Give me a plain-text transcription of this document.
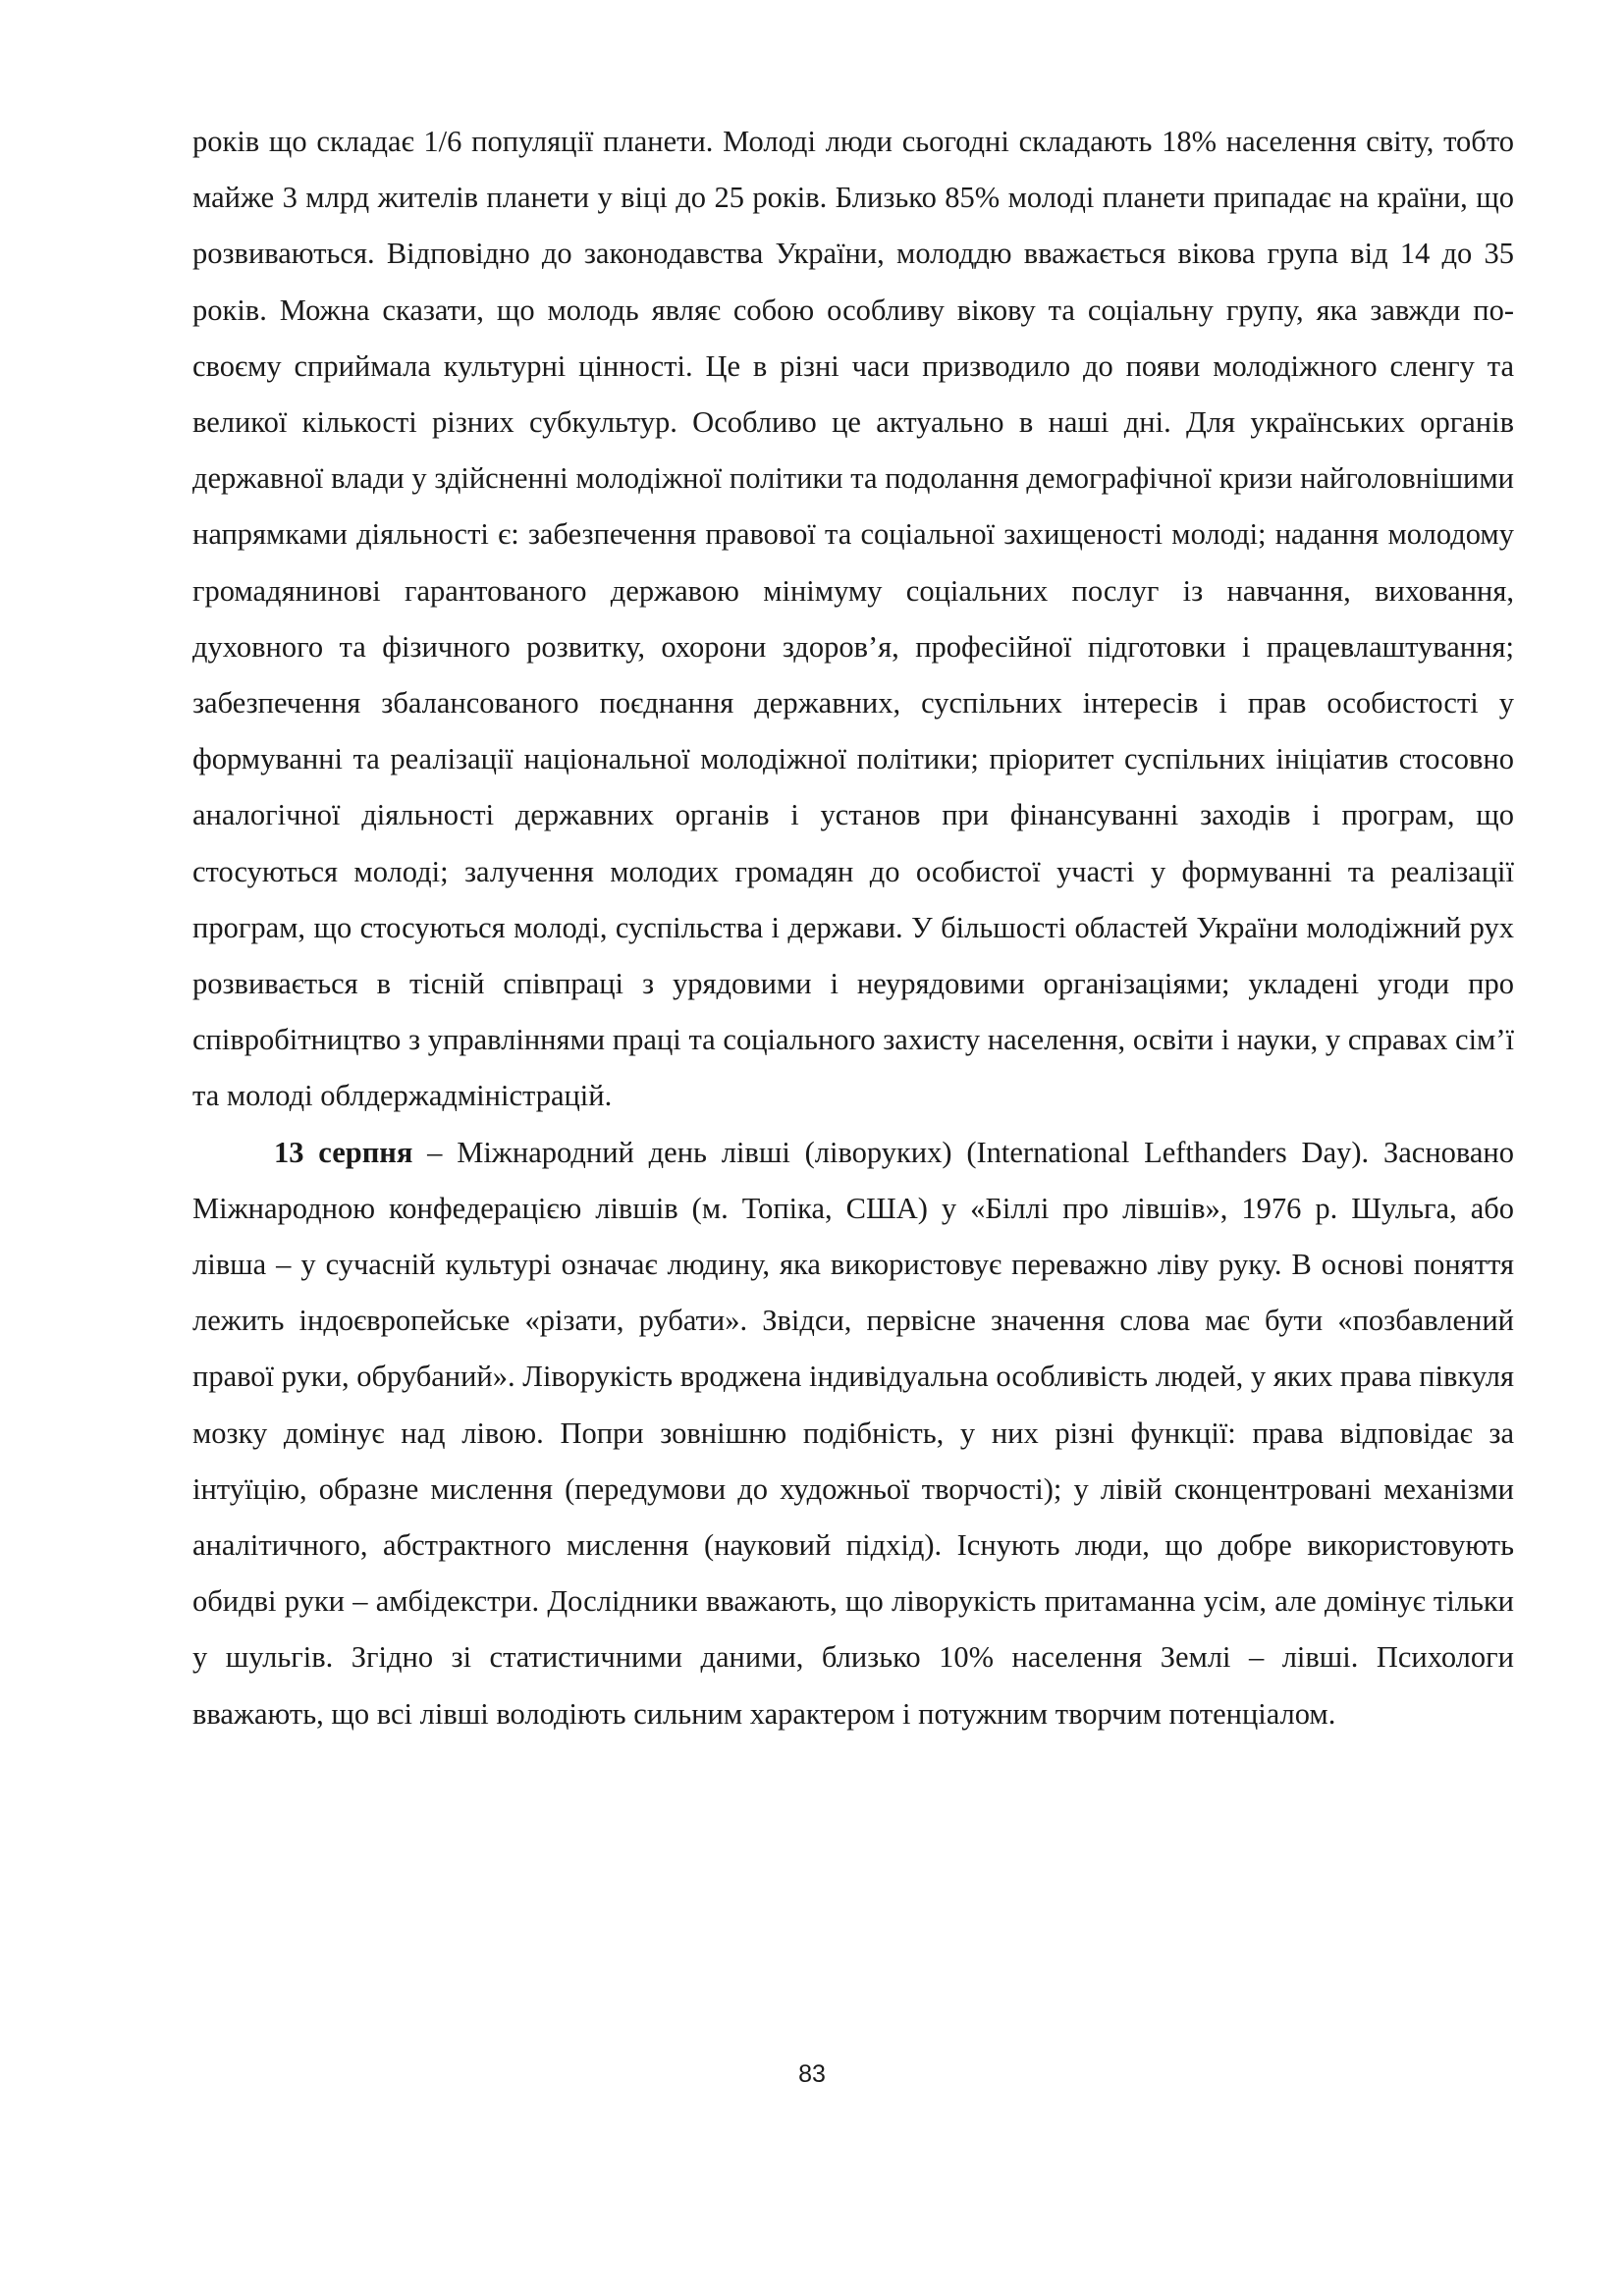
років що складає 1/6 популяції планети. Молоді люди сьогодні складають 18% населення світу, тобто майже 3 млрд жителів планети у віці до 25 років. Близько 85% молоді планети припадає на країни, що розвиваються. Відповідно до законодавства України, молоддю вважається вікова група від 14 до 35 років. Можна сказати, що молодь являє собою особливу вікову та соціальну групу, яка завжди по-своєму сприймала культурні цінності. Це в різні часи призводило до появи молодіжного сленгу та великої кількості різних субкультур. Особливо це актуально в наші дні. Для українських органів державної влади у здійсненні молодіжної політики та подолання демографічної кризи найголовнішими напрямками діяльності є: забезпечення правової та соціальної захищеності молоді; надання молодому громадянинові гарантованого державою мінімуму соціальних послуг із навчання, виховання, духовного та фізичного розвитку, охорони здоров’я, професійної підготовки і працевлаштування; забезпечення збалансованого поєднання державних, суспільних інтересів і прав особистості у формуванні та реалізації національної молодіжної політики; пріоритет суспільних ініціатив стосовно аналогічної діяльності державних органів і установ при фінансуванні заходів і програм, що стосуються молоді; залучення молодих громадян до особистої участі у формуванні та реалізації програм, що стосуються молоді, суспільства і держави. У більшості областей України молодіжний рух розвивається в тісній співпраці з урядовими і неурядовими організаціями; укладені угоди про співробітництво з управліннями праці та соціального захисту населення, освіти і науки, у справах сім’ї та молоді облдержадміністрацій.

13 серпня – Міжнародний день лівші (ліворуких) (International Lefthanders Day). Засновано Міжнародною конфедерацією лівшів (м. Топіка, США) у «Біллі про лівшів», 1976 р. Шульга, або лівша – у сучасній культурі означає людину, яка використовує переважно ліву руку. В основі поняття лежить індоєвропейське «різати, рубати». Звідси, первісне значення слова має бути «позбавлений правої руки, обрубаний». Ліворукість вроджена індивідуальна особливість людей, у яких права півкуля мозку домінує над лівою. Попри зовнішню подібність, у них різні функції: права відповідає за інтуїцію, образне мислення (передумови до художньої творчості); у лівій сконцентровані механізми аналітичного, абстрактного мислення (науковий підхід). Існують люди, що добре використовують обидві руки – амбідекстри. Дослідники вважають, що ліворукість притаманна усім, але домінує тільки у шульгів. Згідно зі статистичними даними, близько 10% населення Землі – лівші. Психологи вважають, що всі лівші володіють сильним характером і потужним творчим потенціалом.

83
